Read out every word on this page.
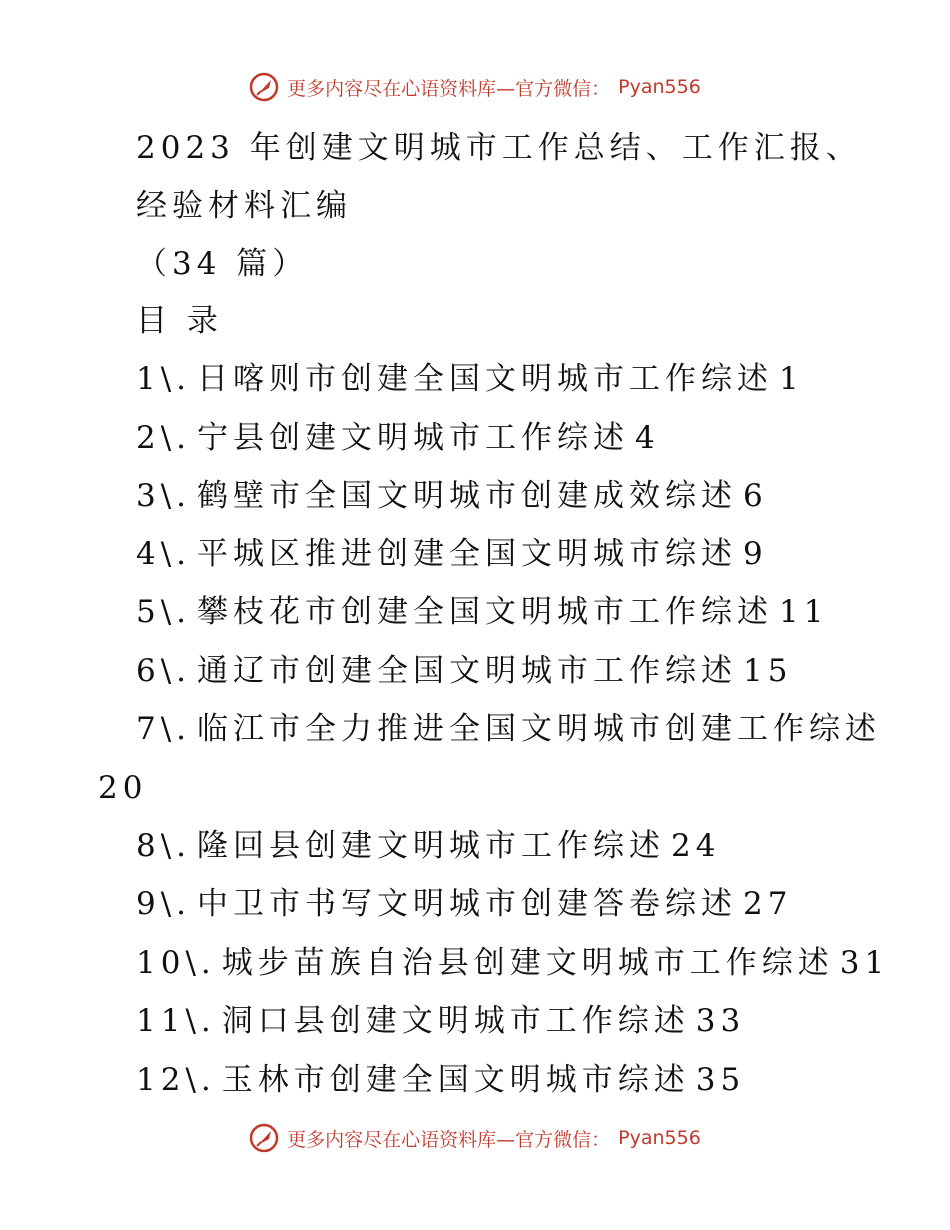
更多内容尽在心语资料库—官方微信： Pyan556
2023 年创建文明城市工作总结、工作汇报、
经验材料汇编
（34 篇）
目 录
1\. 日喀则市创建全国文明城市工作综述 1
2\. 宁县创建文明城市工作综述 4
3\. 鹤壁市全国文明城市创建成效综述 6
4\. 平城区推进创建全国文明城市综述 9
5\. 攀枝花市创建全国文明城市工作综述 11
6\. 通辽市创建全国文明城市工作综述 15
7\. 临江市全力推进全国文明城市创建工作综述
20
8\. 隆回县创建文明城市工作综述 24
9\. 中卫市书写文明城市创建答卷综述 27
10\. 城步苗族自治县创建文明城市工作综述 31
11\. 洞口县创建文明城市工作综述 33
12\. 玉林市创建全国文明城市综述 35
更多内容尽在心语资料库—官方微信： Pyan556
